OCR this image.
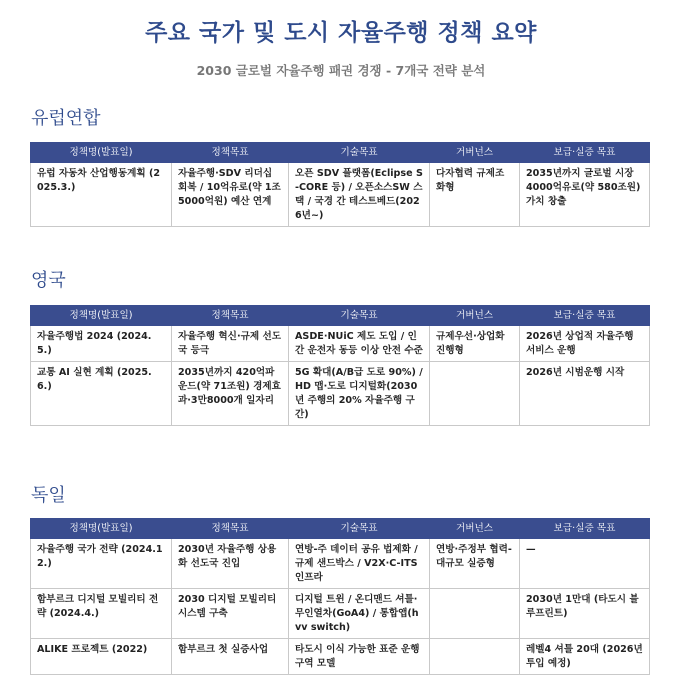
주요 국가 및 도시 자율주행 정책 요약
2030 글로벌 자율주행 패권 경쟁 - 7개국 전략 분석
유럽연합
정책명(발표일)	정책목표	기술목표	거버넌스	보급·실증 목표
유럽 자동차 산업행동계획 (2025.3.)	자율주행·SDV 리더십 회복 / 10억유로(약 1조5000억원) 예산 연계	오픈 SDV 플랫폼(Eclipse S-CORE 등) / 오픈소스SW 스택 / 국경 간 테스트베드(2026년~)	다자협력 규제조화형	2035년까지 글로벌 시장 4000억유로(약 580조원) 가치 창출
영국
정책명(발표일)	정책목표	기술목표	거버넌스	보급·실증 목표
자율주행법 2024 (2024.5.)	자율주행 혁신·규제 선도국 등극	ASDE·NUiC 제도 도입 / 인간 운전자 동등 이상 안전 수준	규제우선·상업화 진행형	2026년 상업적 자율주행 서비스 운행
교통 AI 실현 계획 (2025.6.)	2035년까지 420억파운드(약 71조원) 경제효과·3만8000개 일자리	5G 확대(A/B급 도로 90%) / HD 맵·도로 디지털화(2030년 주행의 20% 자율주행 구간)		2026년 시범운행 시작
독일
정책명(발표일)	정책목표	기술목표	거버넌스	보급·실증 목표
자율주행 국가 전략 (2024.12.)	2030년 자율주행 상용화 선도국 진입	연방-주 데이터 공유 법제화 / 규제 샌드박스 / V2X·C-ITS 인프라	연방·주정부 협력-대규모 실증형	—
함부르크 디지털 모빌리티 전략 (2024.4.)	2030 디지털 모빌리티 시스템 구축	디지털 트윈 / 온디맨드 셔틀·무인열차(GoA4) / 통합앱(hvv switch)		2030년 1만대 (타도시 블루프린트)
ALIKE 프로젝트 (2022)	함부르크 첫 실증사업	타도시 이식 가능한 표준 운행 구역 모델		레벨4 셔틀 20대 (2026년 투입 예정)
